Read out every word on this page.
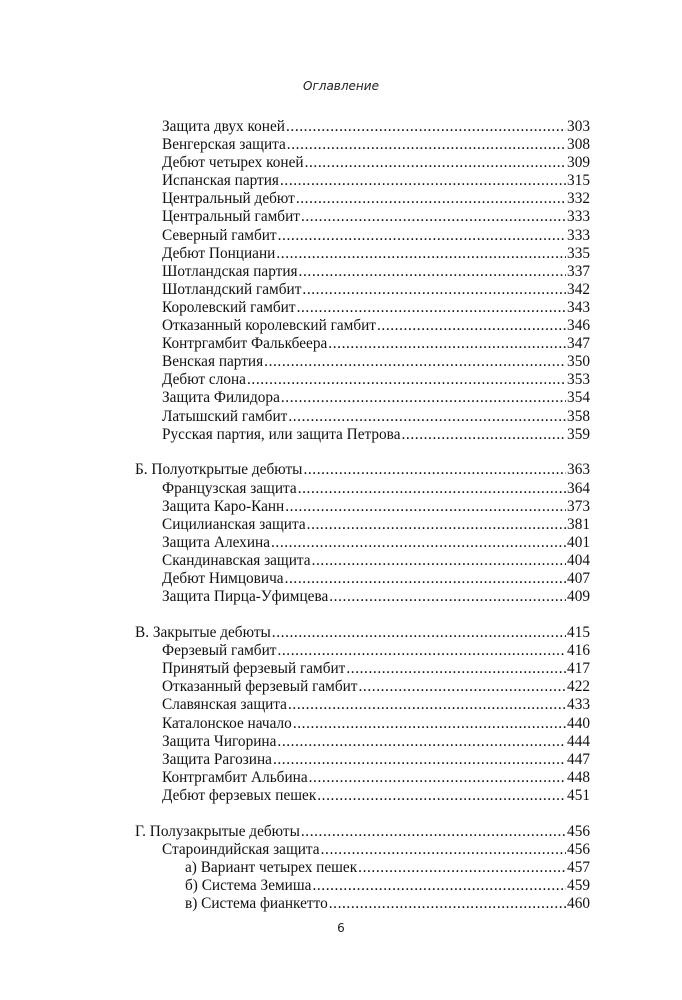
Оглавление
Защита двух коней .....	303
Венгерская защита .....	308
Дебют четырех коней .....	309
Испанская партия .....	315
Центральный дебют .....	332
Центральный гамбит .....	333
Северный гамбит .....	333
Дебют Понциани .....	335
Шотландская партия .....	337
Шотландский гамбит .....	342
Королевский гамбит .....	343
Отказанный королевский гамбит .....	346
Контргамбит Фалькбеера .....	347
Венская партия .....	350
Дебют слона .....	353
Защита Филидора .....	354
Латышский гамбит .....	358
Русская партия, или защита Петрова .....	359
Б. Полуоткрытые дебюты .....	363
Французская защита .....	364
Защита Каро-Канн .....	373
Сицилианская защита .....	381
Защита Алехина .....	401
Скандинавская защита .....	404
Дебют Нимцовича .....	407
Защита Пирца-Уфимцева .....	409
В. Закрытые дебюты .....	415
Ферзевый гамбит .....	416
Принятый ферзевый гамбит .....	417
Отказанный ферзевый гамбит .....	422
Славянская защита .....	433
Каталонское начало .....	440
Защита Чигорина .....	444
Защита Рагозина .....	447
Контргамбит Альбина .....	448
Дебют ферзевых пешек .....	451
Г. Полузакрытые дебюты .....	456
Староиндийская защита .....	456
а) Вариант четырех пешек .....	457
б) Система Земиша .....	459
в) Система фианкетто .....	460
6
